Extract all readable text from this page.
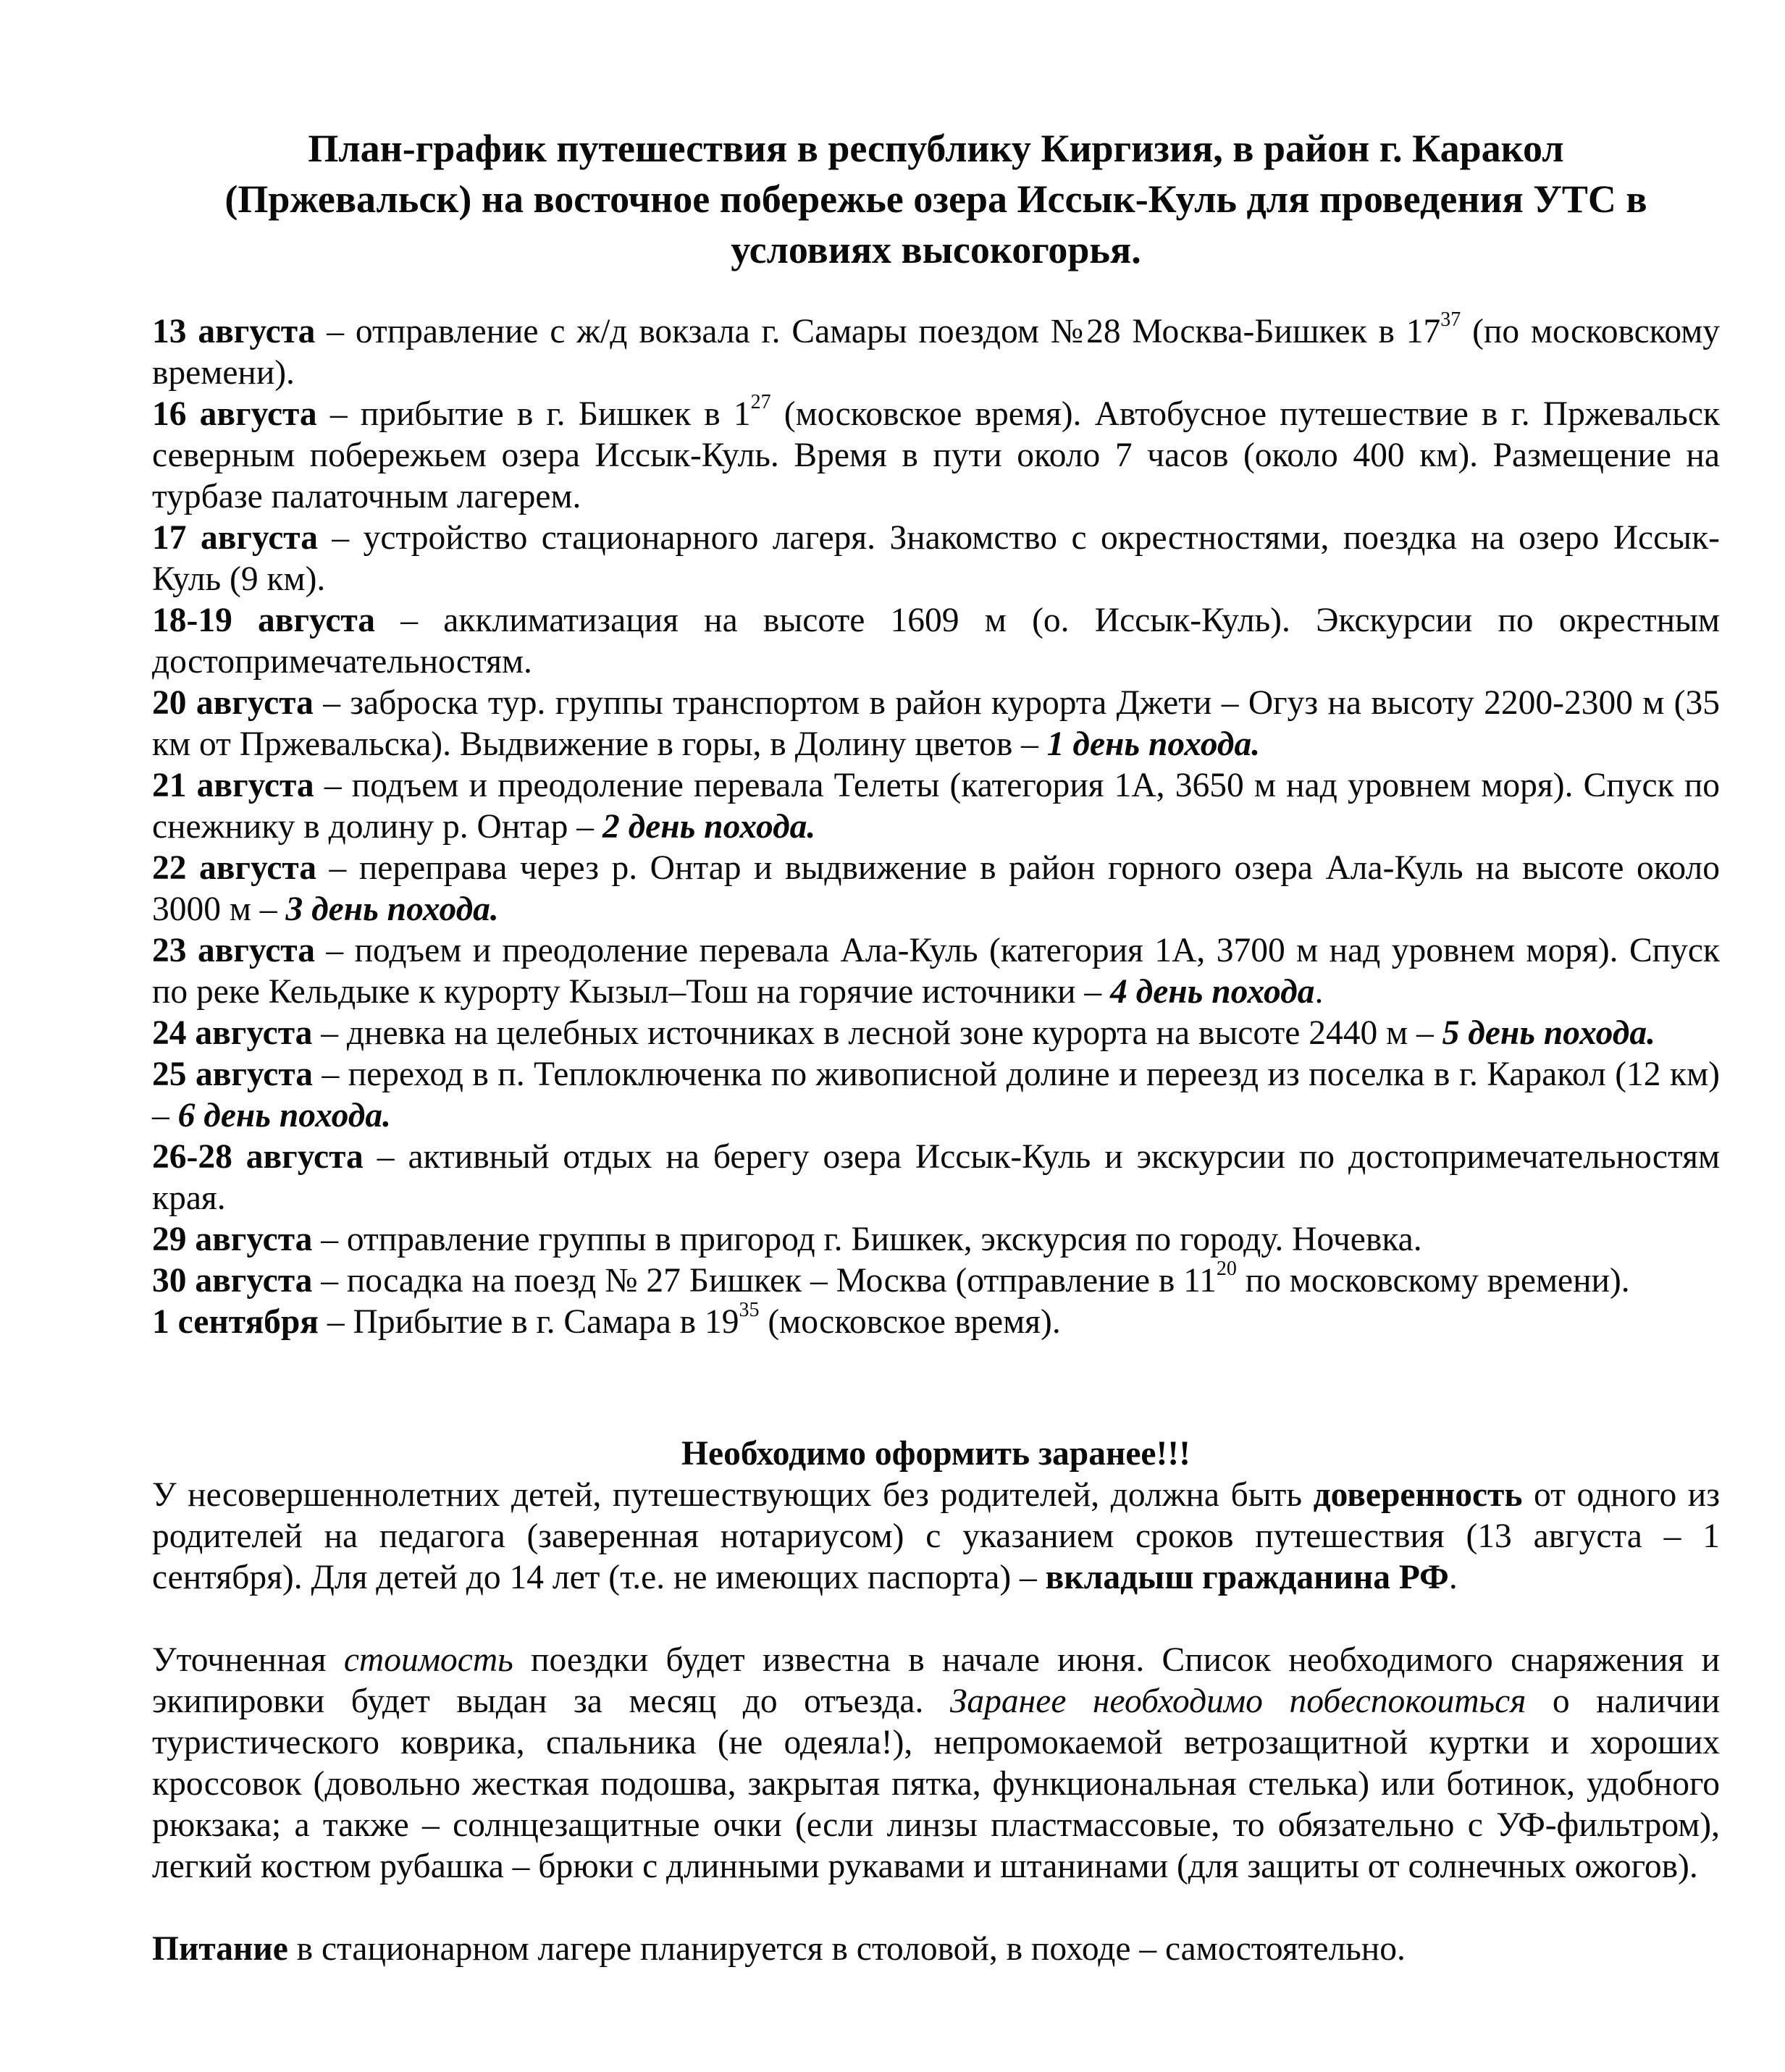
План-график путешествия в республику Киргизия, в район г. Каракол
(Пржевальск) на восточное побережье озера Иссык-Куль для проведения УТС в
условиях высокогорья.

13 августа – отправление с ж/д вокзала г. Самары поездом №28 Москва-Бишкек в $17^{37}$ (по московскому времени).

16 августа – прибытие в г. Бишкек в $1^{27}$ (московское время). Автобусное путешествие в г. Пржевальск северным побережьем озера Иссык-Куль. Время в пути около 7 часов (около 400 км). Размещение на турбазе палаточным лагерем.

17 августа – устройство стационарного лагеря. Знакомство с окрестностями, поездка на озеро Иссык-Куль (9 км).

18-19 августа – акклиматизация на высоте 1609 м (о. Иссык-Куль). Экскурсии по окрестным достопримечательностям.

20 августа – заброска тур. группы транспортом в район курорта Джети – Огуз на высоту 2200-2300 м (35 км от Пржевальска). Выдвижение в горы, в Долину цветов – 1 день похода.

21 августа – подъем и преодоление перевала Телеты (категория 1А, 3650 м над уровнем моря). Спуск по снежнику в долину р. Онтар – 2 день похода.

22 августа – переправа через р. Онтар и выдвижение в район горного озера Ала-Куль на высоте около 3000 м – 3 день похода.

23 августа – подъем и преодоление перевала Ала-Куль (категория 1А, 3700 м над уровнем моря). Спуск по реке Кельдыке к курорту Кызыл–Тош на горячие источники – 4 день похода.

24 августа – дневка на целебных источниках в лесной зоне курорта на высоте 2440 м – 5 день похода.

25 августа – переход в п. Теплоключенка по живописной долине и переезд из поселка в г. Каракол (12 км) – 6 день похода.

26-28 августа – активный отдых на берегу озера Иссык-Куль и экскурсии по достопримечательностям края.

29 августа – отправление группы в пригород г. Бишкек, экскурсия по городу. Ночевка.

30 августа – посадка на поезд № 27 Бишкек – Москва (отправление в $11^{20}$ по московскому времени).

1 сентября – Прибытие в г. Самара в $19^{35}$ (московское время).

Необходимо оформить заранее!!!

У несовершеннолетних детей, путешествующих без родителей, должна быть доверенность от одного из родителей на педагога (заверенная нотариусом) с указанием сроков путешествия (13 августа – 1 сентября). Для детей до 14 лет (т.е. не имеющих паспорта) – вкладыш гражданина РФ.

Уточненная стоимость поездки будет известна в начале июня. Список необходимого снаряжения и экипировки будет выдан за месяц до отъезда. Заранее необходимо побеспокоиться о наличии туристического коврика, спальника (не одеяла!), непромокаемой ветрозащитной куртки и хороших кроссовок (довольно жесткая подошва, закрытая пятка, функциональная стелька) или ботинок, удобного рюкзака; а также – солнцезащитные очки (если линзы пластмассовые, то обязательно с УФ-фильтром), легкий костюм рубашка – брюки с длинными рукавами и штанинами (для защиты от солнечных ожогов).

Питание в стационарном лагере планируется в столовой, в походе – самостоятельно.
